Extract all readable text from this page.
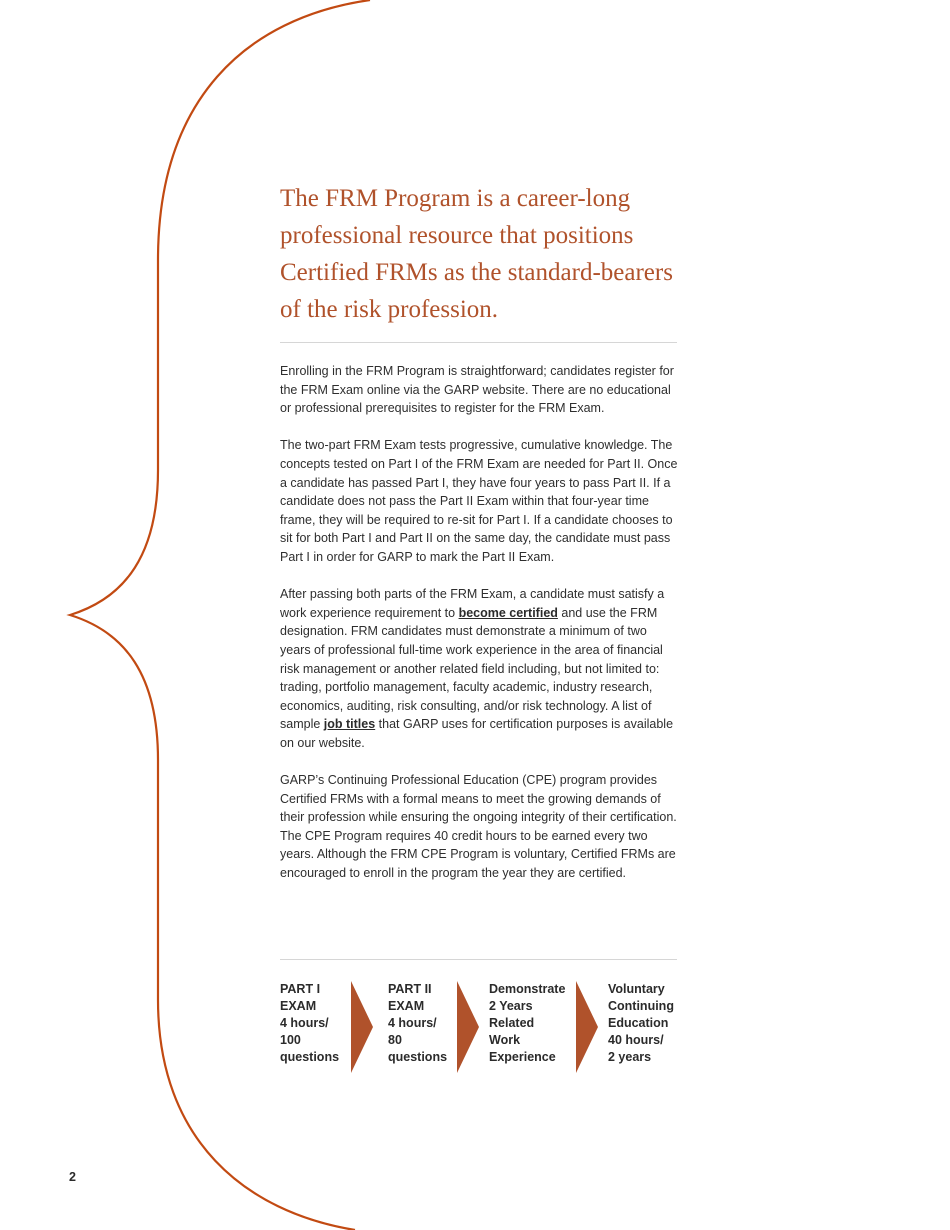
The FRM Program is a career-long professional resource that positions Certified FRMs as the standard-bearers of the risk profession.

Enrolling in the FRM Program is straightforward; candidates register for the FRM Exam online via the GARP website. There are no educational or professional prerequisites to register for the FRM Exam.

The two-part FRM Exam tests progressive, cumulative knowledge. The concepts tested on Part I of the FRM Exam are needed for Part II. Once a candidate has passed Part I, they have four years to pass Part II. If a candidate does not pass the Part II Exam within that four-year time frame, they will be required to re-sit for Part I. If a candidate chooses to sit for both Part I and Part II on the same day, the candidate must pass Part I in order for GARP to mark the Part II Exam.

After passing both parts of the FRM Exam, a candidate must satisfy a work experience requirement to become certified and use the FRM designation. FRM candidates must demonstrate a minimum of two years of professional full-time work experience in the area of financial risk management or another related field including, but not limited to: trading, portfolio management, faculty academic, industry research, economics, auditing, risk consulting, and/or risk technology. A list of sample job titles that GARP uses for certification purposes is available on our website.

GARP’s Continuing Professional Education (CPE) program provides Certified FRMs with a formal means to meet the growing demands of their profession while ensuring the ongoing integrity of their certification. The CPE Program requires 40 credit hours to be earned every two years. Although the FRM CPE Program is voluntary, Certified FRMs are encouraged to enroll in the program the year they are certified.

PART I
EXAM
4 hours/
100
questions
PART II
EXAM
4 hours/
80
questions
Demonstrate
2 Years
Related
Work
Experience
Voluntary
Continuing
Education
40 hours/
2 years
2
